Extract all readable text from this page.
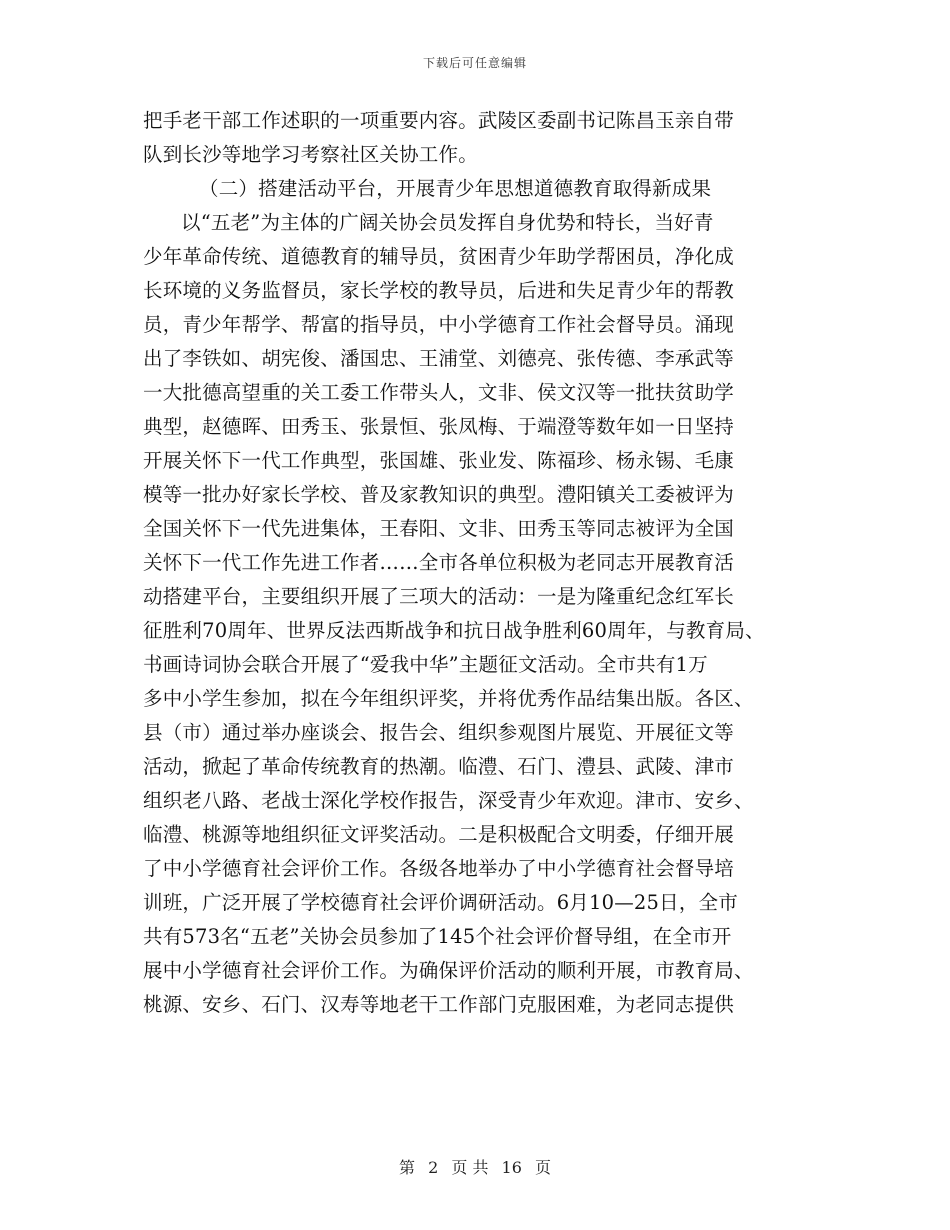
下载后可任意编辑
把手老干部工作述职的一项重要内容。武陵区委副书记陈昌玉亲自带
队到长沙等地学习考察社区关协工作。
（二）搭建活动平台，开展青少年思想道德教育取得新成果
以“五老”为主体的广阔关协会员发挥自身优势和特长，当好青
少年革命传统、道德教育的辅导员，贫困青少年助学帮困员，净化成
长环境的义务监督员，家长学校的教导员，后进和失足青少年的帮教
员，青少年帮学、帮富的指导员，中小学德育工作社会督导员。涌现
出了李铁如、胡宪俊、潘国忠、王浦堂、刘德亮、张传德、李承武等
一大批德高望重的关工委工作带头人，文非、侯文汉等一批扶贫助学
典型，赵德晖、田秀玉、张景恒、张凤梅、于端澄等数年如一日坚持
开展关怀下一代工作典型，张国雄、张业发、陈福珍、杨永锡、毛康
模等一批办好家长学校、普及家教知识的典型。澧阳镇关工委被评为
全国关怀下一代先进集体，王春阳、文非、田秀玉等同志被评为全国
关怀下一代工作先进工作者……全市各单位积极为老同志开展教育活
动搭建平台，主要组织开展了三项大的活动：一是为隆重纪念红军长
征胜利70周年、世界反法西斯战争和抗日战争胜利60周年，与教育局、
书画诗词协会联合开展了“爱我中华”主题征文活动。全市共有1万
多中小学生参加，拟在今年组织评奖，并将优秀作品结集出版。各区、
县（市）通过举办座谈会、报告会、组织参观图片展览、开展征文等
活动，掀起了革命传统教育的热潮。临澧、石门、澧县、武陵、津市
组织老八路、老战士深化学校作报告，深受青少年欢迎。津市、安乡、
临澧、桃源等地组织征文评奖活动。二是积极配合文明委，仔细开展
了中小学德育社会评价工作。各级各地举办了中小学德育社会督导培
训班，广泛开展了学校德育社会评价调研活动。6月10—25日，全市
共有573名“五老”关协会员参加了145个社会评价督导组，在全市开
展中小学德育社会评价工作。为确保评价活动的顺利开展，市教育局、
桃源、安乡、石门、汉寿等地老干工作部门克服困难，为老同志提供
第 2 页 共 16 页
